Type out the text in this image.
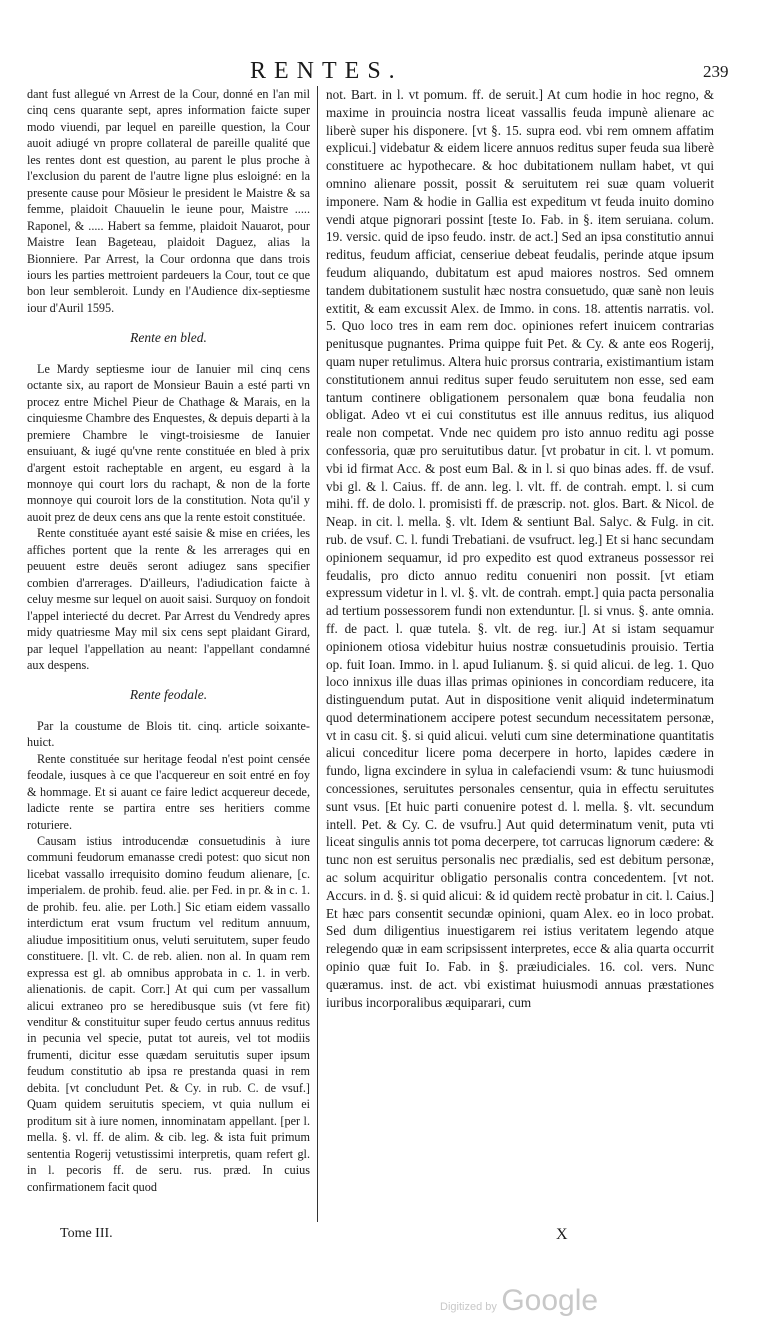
RENTES.	239

dant fust allegué vn Arrest de la Cour, donné en l'an mil cinq cens quarante sept, apres information faicte super modo viuendi, par lequel en pareille question, la Cour auoit adiugé vn propre collateral de pareille qualité que les rentes dont est question, au parent le plus proche à l'exclusion du parent de l'autre ligne plus esloigné: en la presente cause pour Mõsieur le president le Maistre & sa femme, plaidoit Chauuelin le ieune pour, Maistre ..... Raponel, & ..... Habert sa femme, plaidoit Nauarot, pour Maistre Iean Bageteau, plaidoit Daguez, alias la Bionniere. Par Arrest, la Cour ordonna que dans trois iours les parties mettroient pardeuers la Cour, tout ce que bon leur sembleroit. Lundy en l'Audience dix-septiesme iour d'Auril 1595.

Rente en bled.

Le Mardy septiesme iour de Ianuier mil cinq cens octante six, au raport de Monsieur Bauin a esté parti vn procez entre Michel Pieur de Chathage & Marais, en la cinquiesme Chambre des Enquestes, & depuis departi à la premiere Chambre le vingt-troisiesme de Ianuier ensuiuant, & iugé qu'vne rente constituée en bled à prix d'argent estoit racheptable en argent, eu esgard à la monnoye qui court lors du rachapt, & non de la forte monnoye qui couroit lors de la constitution. Nota qu'il y auoit prez de deux cens ans que la rente estoit constituée.

Rente constituée ayant esté saisie & mise en criées, les affiches portent que la rente & les arrerages qui en peuuent estre deuës seront adiugez sans specifier combien d'arrerages. D'ailleurs, l'adiudication faicte à celuy mesme sur lequel on auoit saisi. Surquoy on fondoit l'appel interiecté du decret. Par Arrest du Vendredy apres midy quatriesme May mil six cens sept plaidant Girard, par lequel l'appellation au neant: l'appellant condamné aux despens.

Rente feodale.

Par la coustume de Blois tit. cinq. article soixante-huict.

Rente constituée sur heritage feodal n'est point censée feodale, iusques à ce que l'acquereur en soit entré en foy & hommage. Et si auant ce faire ledict acquereur decede, ladicte rente se partira entre ses heritiers comme roturiere.

Causam istius introducendæ consuetudinis à iure communi feudorum emanasse credi potest: quo sicut non licebat vassallo irrequisito domino feudum alienare, [c. imperialem. de prohib. feud. alie. per Fed. in pr. & in c. 1. de prohib. feu. alie. per Loth.] Sic etiam eidem vassallo interdictum erat vsum fructum vel reditum annuum, aliudue imposititium onus, veluti seruitutem, super feudo constituere. [l. vlt. C. de reb. alien. non al. In quam rem expressa est gl. ab omnibus approbata in c. 1. in verb. alienationis. de capit. Corr.] At qui cum per vassallum alicui extraneo pro se heredibusque suis (vt fere fit) venditur & constituitur super feudo certus annuus reditus in pecunia vel specie, putat tot aureis, vel tot modiis frumenti, dicitur esse quædam seruitutis super ipsum feudum constitutio ab ipsa re prestanda quasi in rem debita. [vt concludunt Pet. & Cy. in rub. C. de vsuf.] Quam quidem seruitutis speciem, vt quia nullum ei proditum sit à iure nomen, innominatam appellant. [per l. mella. §. vl. ff. de alim. & cib. leg. & ista fuit primum sententia Rogerij vetustissimi interpretis, quam refert gl. in l. pecoris ff. de seru. rus. præd. In cuius confirmationem facit quod

not. Bart. in l. vt pomum. ff. de seruit.] At cum hodie in hoc regno, & maxime in prouincia nostra liceat vassallis feuda impunè alienare ac liberè super his disponere. [vt §. 15. supra eod. vbi rem omnem affatim explicui.] videbatur & eidem licere annuos reditus super feuda sua liberè constituere ac hypothecare. & hoc dubitationem nullam habet, vt qui omnino alienare possit, possit & seruitutem rei suæ quam voluerit imponere. Nam & hodie in Gallia est expeditum vt feuda inuito domino vendi atque pignorari possint [teste Io. Fab. in §. item seruiana. colum. 19. versic. quid de ipso feudo. instr. de act.] Sed an ipsa constitutio annui reditus, feudum afficiat, censeriue debeat feudalis, perinde atque ipsum feudum aliquando, dubitatum est apud maiores nostros. Sed omnem tandem dubitationem sustulit hæc nostra consuetudo, quæ sanè non leuis extitit, & eam excussit Alex. de Immo. in cons. 18. attentis narratis. vol. 5. Quo loco tres in eam rem doc. opiniones refert inuicem contrarias penitusque pugnantes. Prima quippe fuit Pet. & Cy. & ante eos Rogerij, quam nuper retulimus. Altera huic prorsus contraria, existimantium istam constitutionem annui reditus super feudo seruitutem non esse, sed eam tantum continere obligationem personalem quæ bona feudalia non obligat. Adeo vt ei cui constitutus est ille annuus reditus, ius aliquod reale non competat. Vnde nec quidem pro isto annuo reditu agi posse confessoria, quæ pro seruitutibus datur. [vt probatur in cit. l. vt pomum. vbi id firmat Acc. & post eum Bal. & in l. si quo binas ades. ff. de vsuf. vbi gl. & l. Caius. ff. de ann. leg. l. vlt. ff. de contrah. empt. l. si cum mihi. ff. de dolo. l. promisisti ff. de præscrip. not. glos. Bart. & Nicol. de Neap. in cit. l. mella. §. vlt. Idem & sentiunt Bal. Salyc. & Fulg. in cit. rub. de vsuf. C. l. fundi Trebatiani. de vsufruct. leg.] Et si hanc secundam opinionem sequamur, id pro expedito est quod extraneus possessor rei feudalis, pro dicto annuo reditu conueniri non possit. [vt etiam expressum videtur in l. vl. §. vlt. de contrah. empt.] quia pacta personalia ad tertium possessorem fundi non extenduntur. [l. si vnus. §. ante omnia. ff. de pact. l. quæ tutela. §. vlt. de reg. iur.] At si istam sequamur opinionem otiosa videbitur huius nostræ consuetudinis prouisio. Tertia op. fuit Ioan. Immo. in l. apud Iulianum. §. si quid alicui. de leg. 1. Quo loco innixus ille duas illas primas opiniones in concordiam reducere, ita distinguendum putat. Aut in dispositione venit aliquid indeterminatum quod determinationem accipere potest secundum necessitatem personæ, vt in casu cit. §. si quid alicui. veluti cum sine determinatione quantitatis alicui conceditur licere poma decerpere in horto, lapides cædere in fundo, ligna excindere in sylua in calefaciendi vsum: & tunc huiusmodi concessiones, seruitutes personales censentur, quia in effectu seruitutes sunt vsus. [Et huic parti conuenire potest d. l. mella. §. vlt. secundum intell. Pet. & Cy. C. de vsufru.] Aut quid determinatum venit, puta vti liceat singulis annis tot poma decerpere, tot carrucas lignorum cædere: & tunc non est seruitus personalis nec prædialis, sed est debitum personæ, ac solum acquiritur obligatio personalis contra concedentem. [vt not. Accurs. in d. §. si quid alicui: & id quidem rectè probatur in cit. l. Caius.] Et hæc pars consentit secundæ opinioni, quam Alex. eo in loco probat. Sed dum diligentius inuestigarem rei istius veritatem legendo atque relegendo quæ in eam scripsissent interpretes, ecce & alia quarta occurrit opinio quæ fuit Io. Fab. in §. præiudiciales. 16. col. vers. Nunc quæramus. inst. de act. vbi existimat huiusmodi annuas præstationes iuribus incorporalibus æquiparari, cum

Tome III.	X
Digitized by Google
